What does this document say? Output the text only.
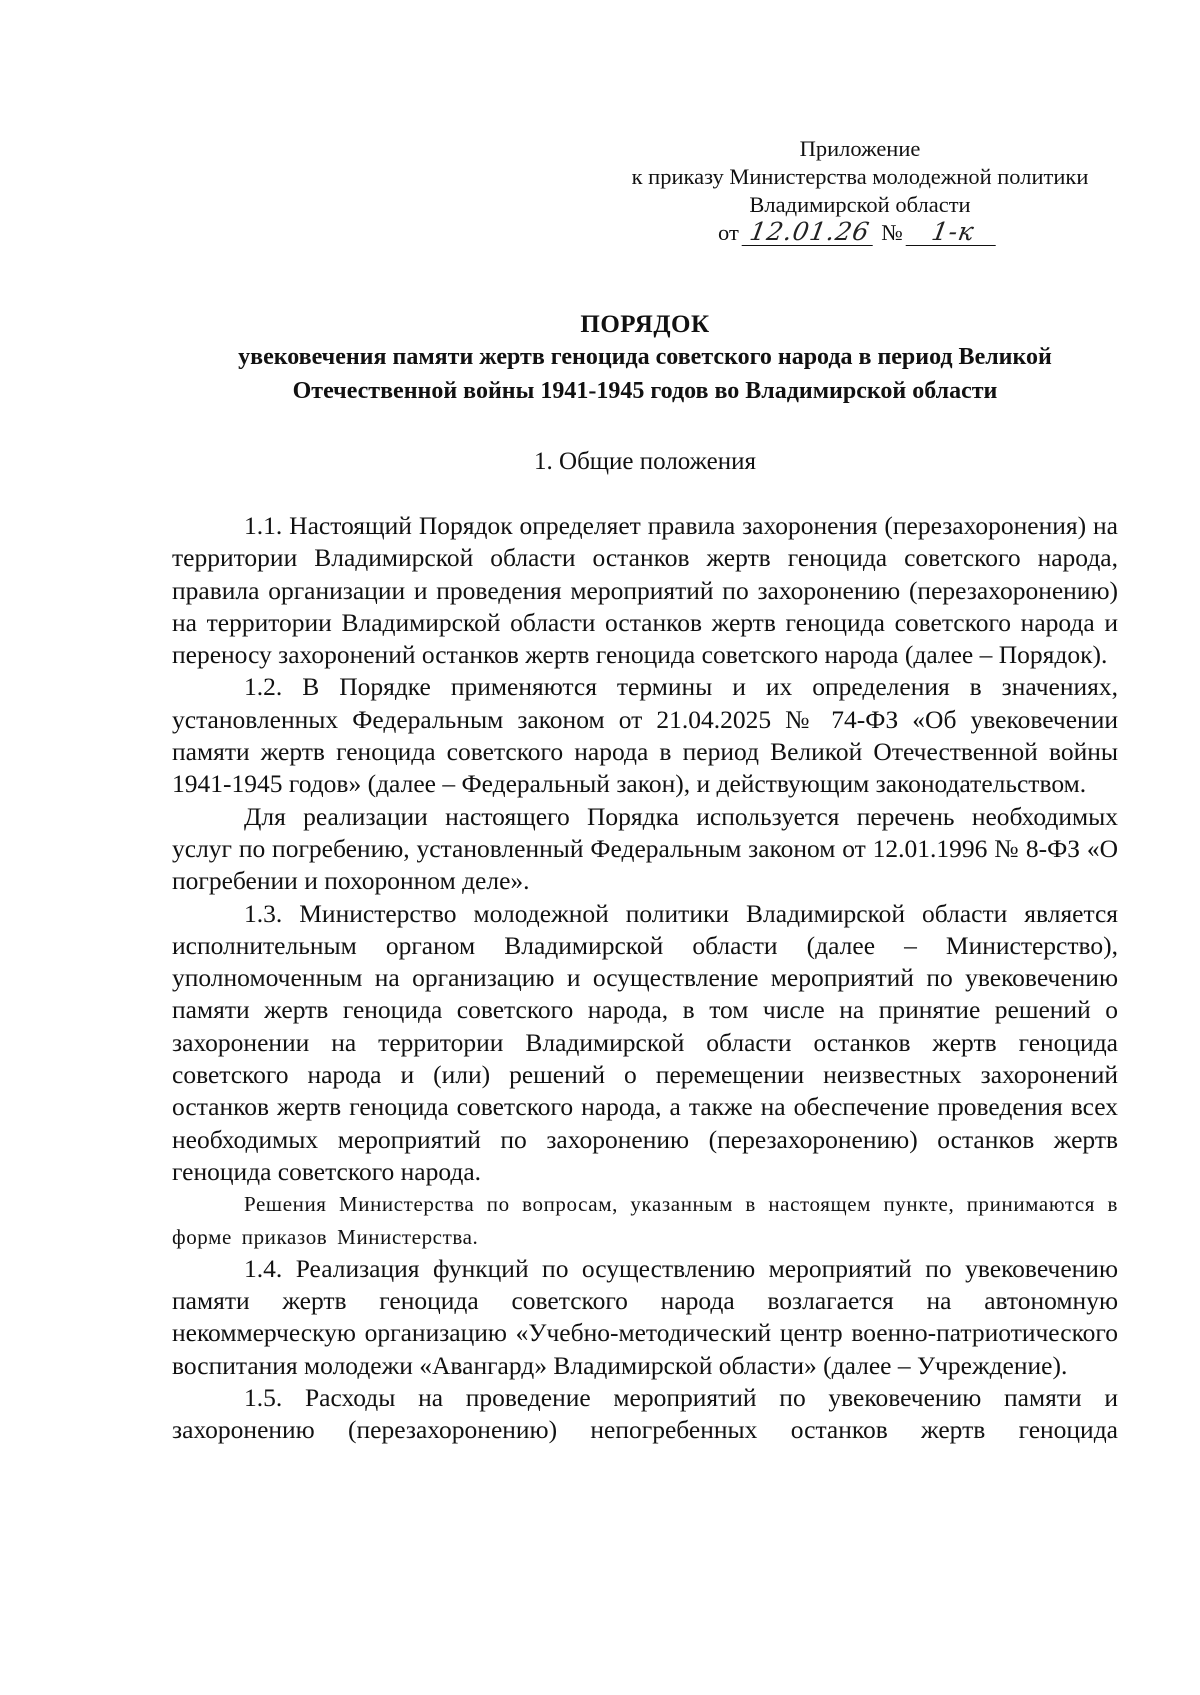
Приложение
к приказу Министерства молодежной политики
Владимирской области
от 12.01.26 № 1-к
ПОРЯДОК
увековечения памяти жертв геноцида советского народа в период Великой
Отечественной войны 1941-1945 годов во Владимирской области
1. Общие положения

1.1. Настоящий Порядок определяет правила захоронения (перезахоронения) на территории Владимирской области останков жертв геноцида советского народа, правила организации и проведения мероприятий по захоронению (перезахоронению) на территории Владимирской области останков жертв геноцида советского народа и переносу захоронений останков жертв геноцида советского народа (далее – Порядок).

1.2. В Порядке применяются термины и их определения в значениях, установленных Федеральным законом от 21.04.2025 № 74-ФЗ «Об увековечении памяти жертв геноцида советского народа в период Великой Отечественной войны 1941-1945 годов» (далее – Федеральный закон), и действующим законодательством.

Для реализации настоящего Порядка используется перечень необходимых услуг по погребению, установленный Федеральным законом от 12.01.1996 № 8-ФЗ «О погребении и похоронном деле».

1.3. Министерство молодежной политики Владимирской области является исполнительным органом Владимирской области (далее – Министерство), уполномоченным на организацию и осуществление мероприятий по увековечению памяти жертв геноцида советского народа, в том числе на принятие решений о захоронении на территории Владимирской области останков жертв геноцида советского народа и (или) решений о перемещении неизвестных захоронений останков жертв геноцида советского народа, а также на обеспечение проведения всех необходимых мероприятий по захоронению (перезахоронению) останков жертв геноцида советского народа.

Решения Министерства по вопросам, указанным в настоящем пункте, принимаются в форме приказов Министерства.

1.4. Реализация функций по осуществлению мероприятий по увековечению памяти жертв геноцида советского народа возлагается на автономную некоммерческую организацию «Учебно-методический центр военно-патриотического воспитания молодежи «Авангард» Владимирской области» (далее – Учреждение).

1.5. Расходы на проведение мероприятий по увековечению памяти и захоронению (перезахоронению) непогребенных останков жертв геноцида
